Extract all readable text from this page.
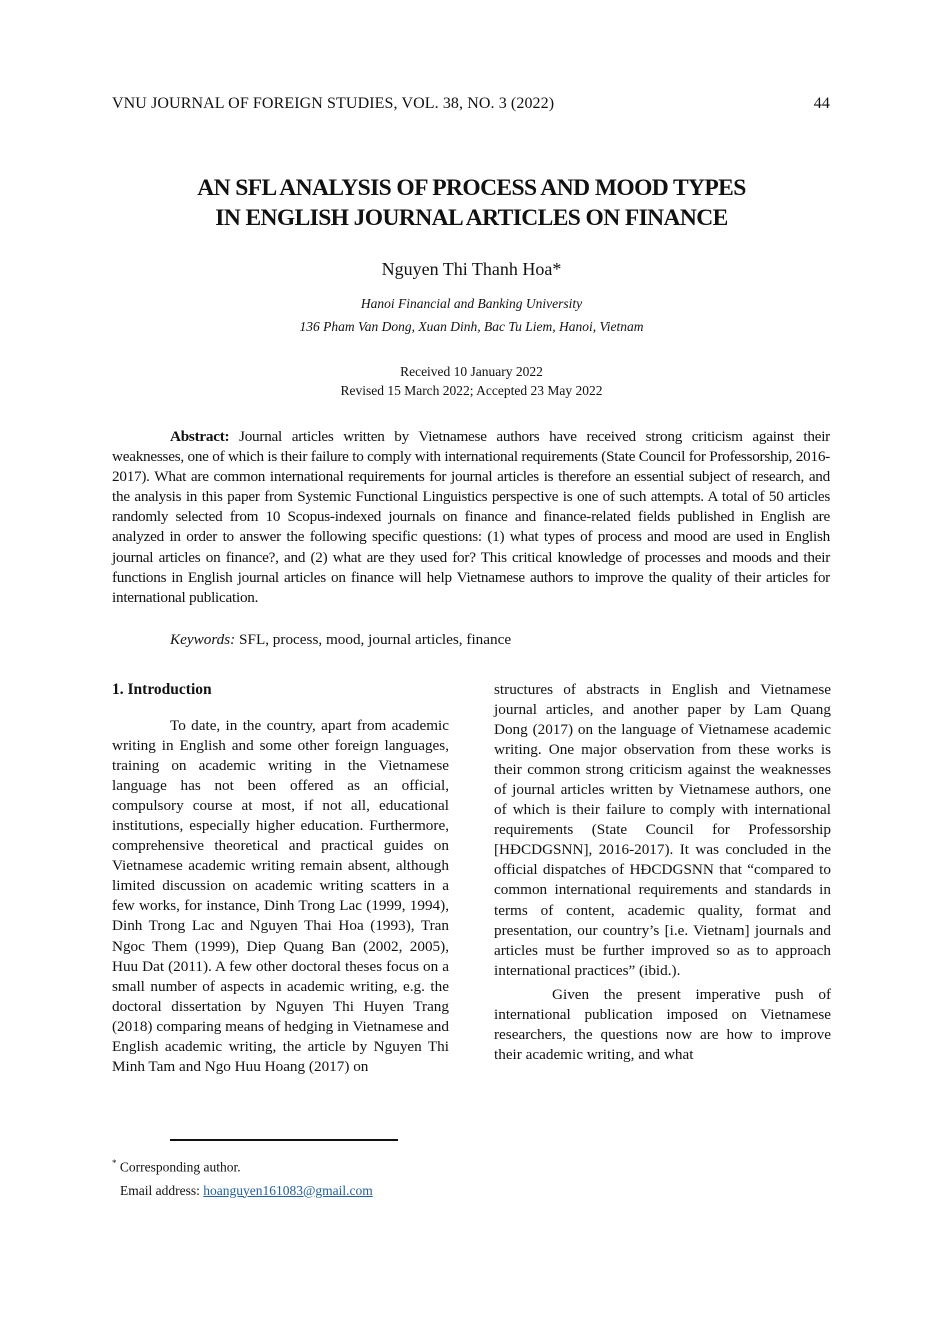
VNU JOURNAL OF FOREIGN STUDIES, VOL. 38, NO. 3 (2022)	44
AN SFL ANALYSIS OF PROCESS AND MOOD TYPES
IN ENGLISH JOURNAL ARTICLES ON FINANCE
Nguyen Thi Thanh Hoa*
Hanoi Financial and Banking University
136 Pham Van Dong, Xuan Dinh, Bac Tu Liem, Hanoi, Vietnam
Received 10 January 2022
Revised 15 March 2022; Accepted 23 May 2022
Abstract: Journal articles written by Vietnamese authors have received strong criticism against their weaknesses, one of which is their failure to comply with international requirements (State Council for Professorship, 2016-2017). What are common international requirements for journal articles is therefore an essential subject of research, and the analysis in this paper from Systemic Functional Linguistics perspective is one of such attempts. A total of 50 articles randomly selected from 10 Scopus-indexed journals on finance and finance-related fields published in English are analyzed in order to answer the following specific questions: (1) what types of process and mood are used in English journal articles on finance?, and (2) what are they used for? This critical knowledge of processes and moods and their functions in English journal articles on finance will help Vietnamese authors to improve the quality of their articles for international publication.
Keywords: SFL, process, mood, journal articles, finance
1. Introduction

To date, in the country, apart from academic writing in English and some other foreign languages, training on academic writing in the Vietnamese language has not been offered as an official, compulsory course at most, if not all, educational institutions, especially higher education. Furthermore, comprehensive theoretical and practical guides on Vietnamese academic writing remain absent, although limited discussion on academic writing scatters in a few works, for instance, Dinh Trong Lac (1999, 1994), Dinh Trong Lac and Nguyen Thai Hoa (1993), Tran Ngoc Them (1999), Diep Quang Ban (2002, 2005), Huu Dat (2011). A few other doctoral theses focus on a small number of aspects in academic writing, e.g. the doctoral dissertation by Nguyen Thi Huyen Trang (2018) comparing means of hedging in Vietnamese and English academic writing, the article by Nguyen Thi Minh Tam and Ngo Huu Hoang (2017) on

structures of abstracts in English and Vietnamese journal articles, and another paper by Lam Quang Dong (2017) on the language of Vietnamese academic writing. One major observation from these works is their common strong criticism against the weaknesses of journal articles written by Vietnamese authors, one of which is their failure to comply with international requirements (State Council for Professorship [HĐCDGSNN], 2016-2017). It was concluded in the official dispatches of HĐCDGSNN that “compared to common international requirements and standards in terms of content, academic quality, format and presentation, our country’s [i.e. Vietnam] journals and articles must be further improved so as to approach international practices” (ibid.).

Given the present imperative push of international publication imposed on Vietnamese researchers, the questions now are how to improve their academic writing, and what

* Corresponding author.
Email address: hoanguyen161083@gmail.com
